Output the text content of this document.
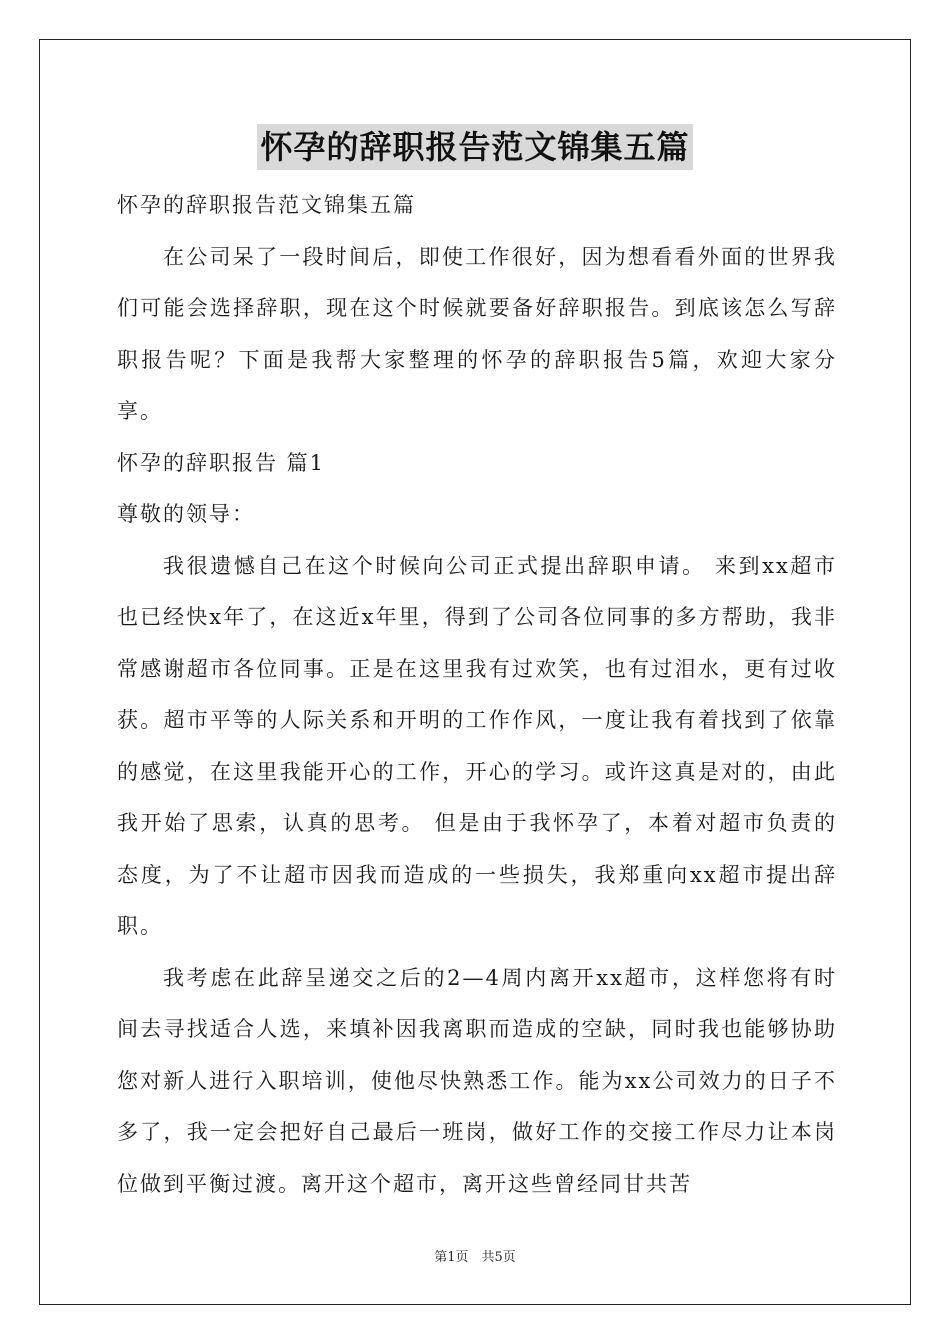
怀孕的辞职报告范文锦集五篇

怀孕的辞职报告范文锦集五篇

在公司呆了一段时间后，即使工作很好，因为想看看外面的世界我们可能会选择辞职，现在这个时候就要备好辞职报告。到底该怎么写辞职报告呢？下面是我帮大家整理的怀孕的辞职报告5篇，欢迎大家分享。

怀孕的辞职报告 篇1

尊敬的领导：

我很遗憾自己在这个时候向公司正式提出辞职申请。 来到xx超市也已经快x年了，在这近x年里，得到了公司各位同事的多方帮助，我非常感谢超市各位同事。正是在这里我有过欢笑，也有过泪水，更有过收获。超市平等的人际关系和开明的工作作风，一度让我有着找到了依靠的感觉，在这里我能开心的工作，开心的学习。或许这真是对的，由此我开始了思索，认真的思考。 但是由于我怀孕了，本着对超市负责的态度，为了不让超市因我而造成的一些损失，我郑重向xx超市提出辞职。

我考虑在此辞呈递交之后的2—4周内离开xx超市，这样您将有时间去寻找适合人选，来填补因我离职而造成的空缺，同时我也能够协助您对新人进行入职培训，使他尽快熟悉工作。能为xx公司效力的日子不多了，我一定会把好自己最后一班岗，做好工作的交接工作尽力让本岗位做到平衡过渡。离开这个超市，离开这些曾经同甘共苦

第1页　共5页
